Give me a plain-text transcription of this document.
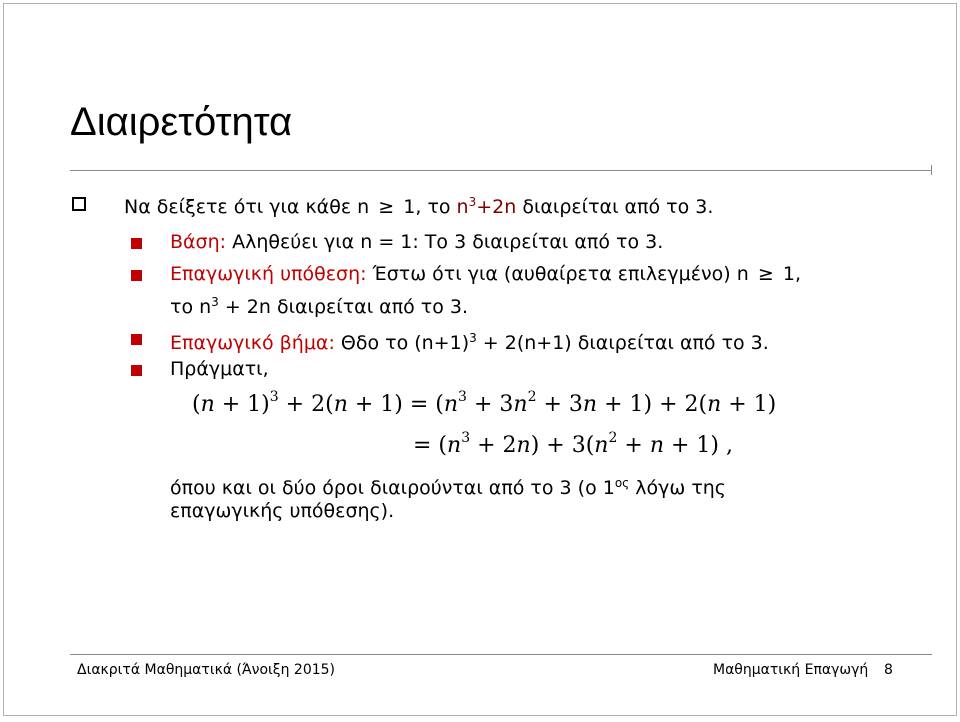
Διαιρετότητα
Να δείξετε ότι για κάθε n ≥ 1, το $n^3+2n$ διαιρείται από το 3.
Βάση: Αληθεύει για n = 1: Το 3 διαιρείται από το 3.
Επαγωγική υπόθεση: Έστω ότι για (αυθαίρετα επιλεγμένο) n ≥ 1,
το $n^3 + 2n$ διαιρείται από το 3.
Επαγωγικό βήμα: Θδο το $(n+1)^3 + 2(n+1)$ διαιρείται από το 3.
Πράγματι,
$(n + 1)^3 + 2(n + 1) = (n^3 + 3n^2 + 3n + 1) + 2(n + 1)$
= $(n^3 + 2n) + 3(n^2 + n + 1)$ ,
όπου και οι δύο όροι διαιρούνται από το 3 (ο $1^{o\varsigma}$ λόγω της
επαγωγικής υπόθεσης).
Διακριτά Μαθηματικά (Άνοιξη 2015)	Μαθηματική Επαγωγή 8
